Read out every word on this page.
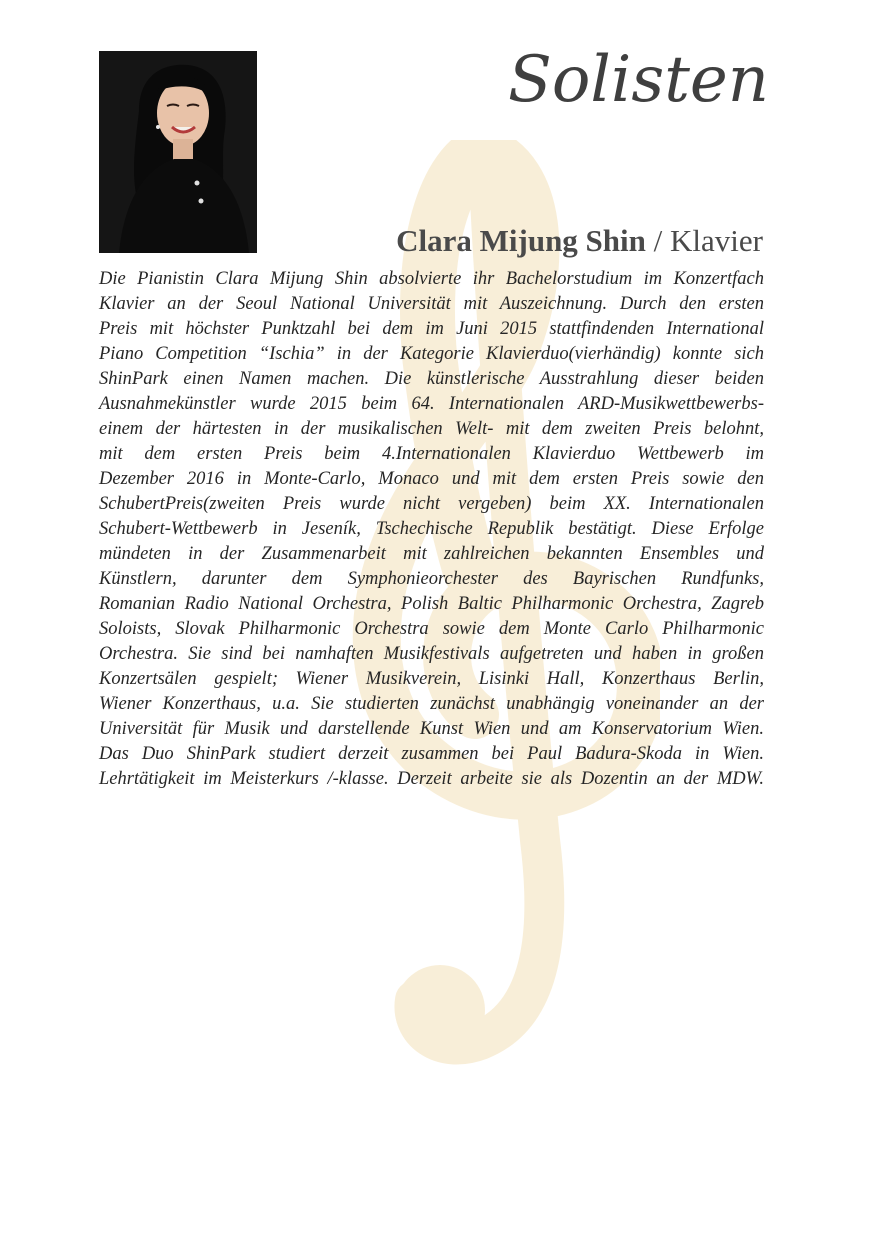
Solisten
Clara Mijung Shin / Klavier
Die Pianistin Clara Mijung Shin absolvierte ihr Bachelorstudium im Konzertfach
Klavier an der Seoul National Universität mit Auszeichnung. Durch den ersten
Preis mit höchster Punktzahl bei dem im Juni 2015 stattfindenden International
Piano Competition “Ischia” in der Kategorie Klavierduo(vierhändig) konnte sich
ShinPark einen Namen machen. Die künstlerische Ausstrahlung dieser beiden
Ausnahmekünstler wurde 2015 beim 64. Internationalen ARD-Musikwettbewerbs-
einem der härtesten in der musikalischen Welt- mit dem zweiten Preis belohnt,
mit dem ersten Preis beim 4.Internationalen Klavierduo Wettbewerb im
Dezember 2016 in Monte-Carlo, Monaco und mit dem ersten Preis sowie den
SchubertPreis(zweiten Preis wurde nicht vergeben) beim XX. Internationalen
Schubert-Wettbewerb in Jeseník, Tschechische Republik bestätigt. Diese Erfolge
mündeten in der Zusammenarbeit mit zahlreichen bekannten Ensembles und
Künstlern, darunter dem Symphonieorchester des Bayrischen Rundfunks,
Romanian Radio National Orchestra, Polish Baltic Philharmonic Orchestra, Zagreb
Soloists, Slovak Philharmonic Orchestra sowie dem Monte Carlo Philharmonic
Orchestra. Sie sind bei namhaften Musikfestivals aufgetreten und haben in großen
Konzertsälen gespielt; Wiener Musikverein, Lisinki Hall, Konzerthaus Berlin,
Wiener Konzerthaus, u.a. Sie studierten zunächst unabhängig voneinander an der
Universität für Musik und darstellende Kunst Wien und am Konservatorium Wien.
Das Duo ShinPark studiert derzeit zusammen bei Paul Badura-Skoda in Wien.
Lehrtätigkeit im Meisterkurs /-klasse. Derzeit arbeite sie als Dozentin an der MDW.
